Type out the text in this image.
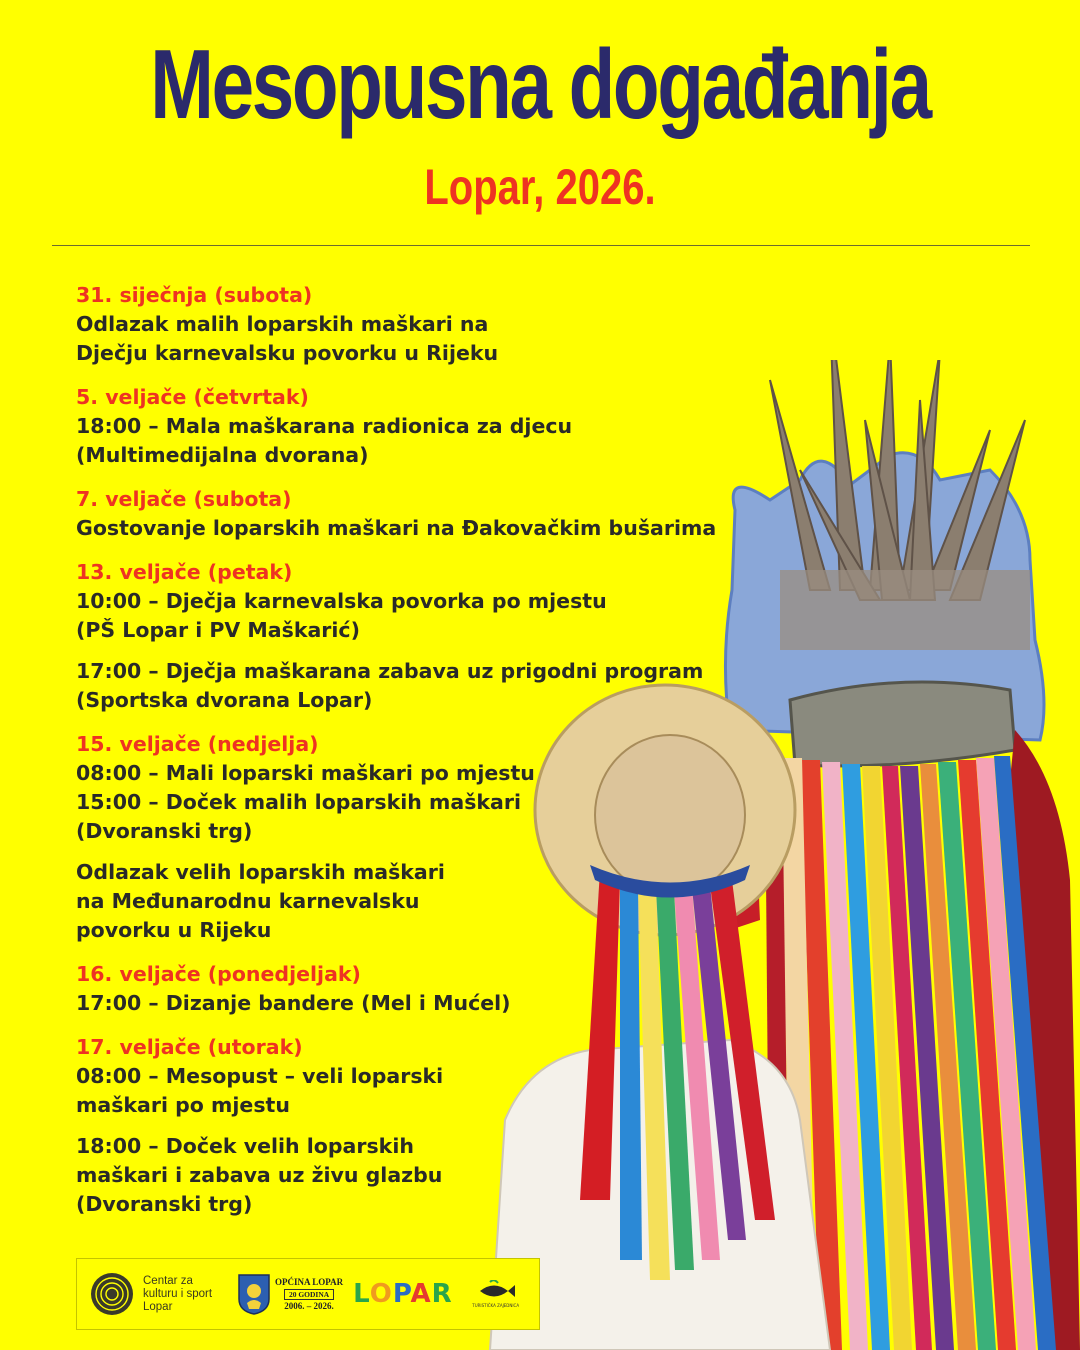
Mesopusna događanja
Lopar, 2026.
31. siječnja (subota)
Odlazak malih loparskih maškari na
Dječju karnevalsku povorku u Rijeku
5. veljače (četvrtak)
18:00 – Mala maškarana radionica za djecu
(Multimedijalna dvorana)
7. veljače (subota)
Gostovanje loparskih maškari na Đakovačkim bušarima
13. veljače (petak)
10:00 – Dječja karnevalska povorka po mjestu
(PŠ Lopar i PV Maškarić)
17:00 – Dječja maškarana zabava uz prigodni program
(Sportska dvorana Lopar)
15. veljače (nedjelja)
08:00 – Mali loparski maškari po mjestu
15:00 – Doček malih loparskih maškari
(Dvoranski trg)
Odlazak velih loparskih maškari
na Međunarodnu karnevalsku
povorku u Rijeku
16. veljače (ponedjeljak)
17:00 – Dizanje bandere (Mel i Mućel)
17. veljače (utorak)
08:00 – Mesopust – veli loparski
maškari po mjestu
18:00 – Doček velih loparskih
maškari i zabava uz živu glazbu
(Dvoranski trg)
Centar za
kulturu i sport
Lopar
OPĆINA LOPAR
20 GODINA
2006. – 2026. LOPAR	TURISTIČKA ZAJEDNICA
